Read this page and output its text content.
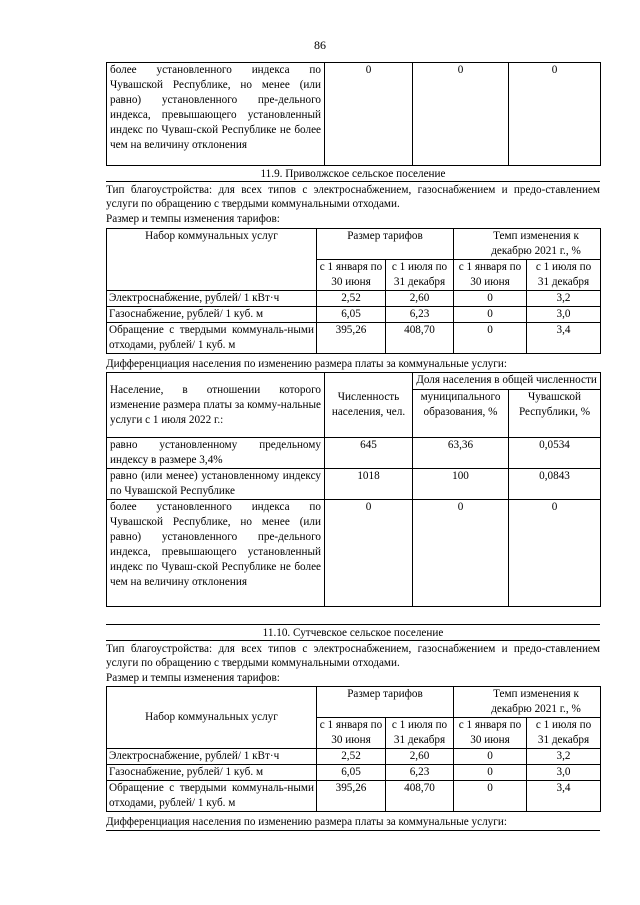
86
более установленного индекса по Чувашской Республике, но менее (или равно) установленного пре-дельного индекса, превышающего установленный индекс по Чуваш-ской Республике не более чем на величину отклонения	0	0	0
11.9. Приволжское сельское поселение
Тип благоустройства: для всех типов с электроснабжением, газоснабжением и предо-ставлением услуги по обращению с твердыми коммунальными отходами.
Размер и темпы изменения тарифов:
Набор коммунальных услуг	Размер тарифов		Темп изменения к декабрю 2021 г., %	
	с 1 января по 30 июня	с 1 июля по 31 декабря	с 1 января по 30 июня	с 1 июля по 31 декабря
Электроснабжение, рублей/ 1 кВт·ч	2,52	2,60	0	3,2
Газоснабжение, рублей/ 1 куб. м	6,05	6,23	0	3,0
Обращение с твердыми коммуналь-ными отходами, рублей/ 1 куб. м	395,26	408,70	0	3,4
Дифференциация населения по изменению размера платы за коммунальные услуги:
Население, в отношении которого изменение размера платы за комму-нальные услуги с 1 июля 2022 г.:	Численность населения, чел.	Доля населения в общей численности	
		муниципального образования, %	Чувашской Республики, %
равно установленному предельному индексу в размере 3,4%	645	63,36	0,0534
равно (или менее) установленному индексу по Чувашской Республике	1018	100	0,0843
более установленного индекса по Чувашской Республике, но менее (или равно) установленного пре-дельного индекса, превышающего установленный индекс по Чуваш-ской Республике не более чем на величину отклонения	0	0	0
11.10. Сутчевское сельское поселение
Тип благоустройства: для всех типов с электроснабжением, газоснабжением и предо-ставлением услуги по обращению с твердыми коммунальными отходами.
Размер и темпы изменения тарифов:
Набор коммунальных услуг	Размер тарифов		Темп изменения к декабрю 2021 г., %	
	с 1 января по 30 июня	с 1 июля по 31 декабря	с 1 января по 30 июня	с 1 июля по 31 декабря
Электроснабжение, рублей/ 1 кВт·ч	2,52	2,60	0	3,2
Газоснабжение, рублей/ 1 куб. м	6,05	6,23	0	3,0
Обращение с твердыми коммуналь-ными отходами, рублей/ 1 куб. м	395,26	408,70	0	3,4
Дифференциация населения по изменению размера платы за коммунальные услуги:
